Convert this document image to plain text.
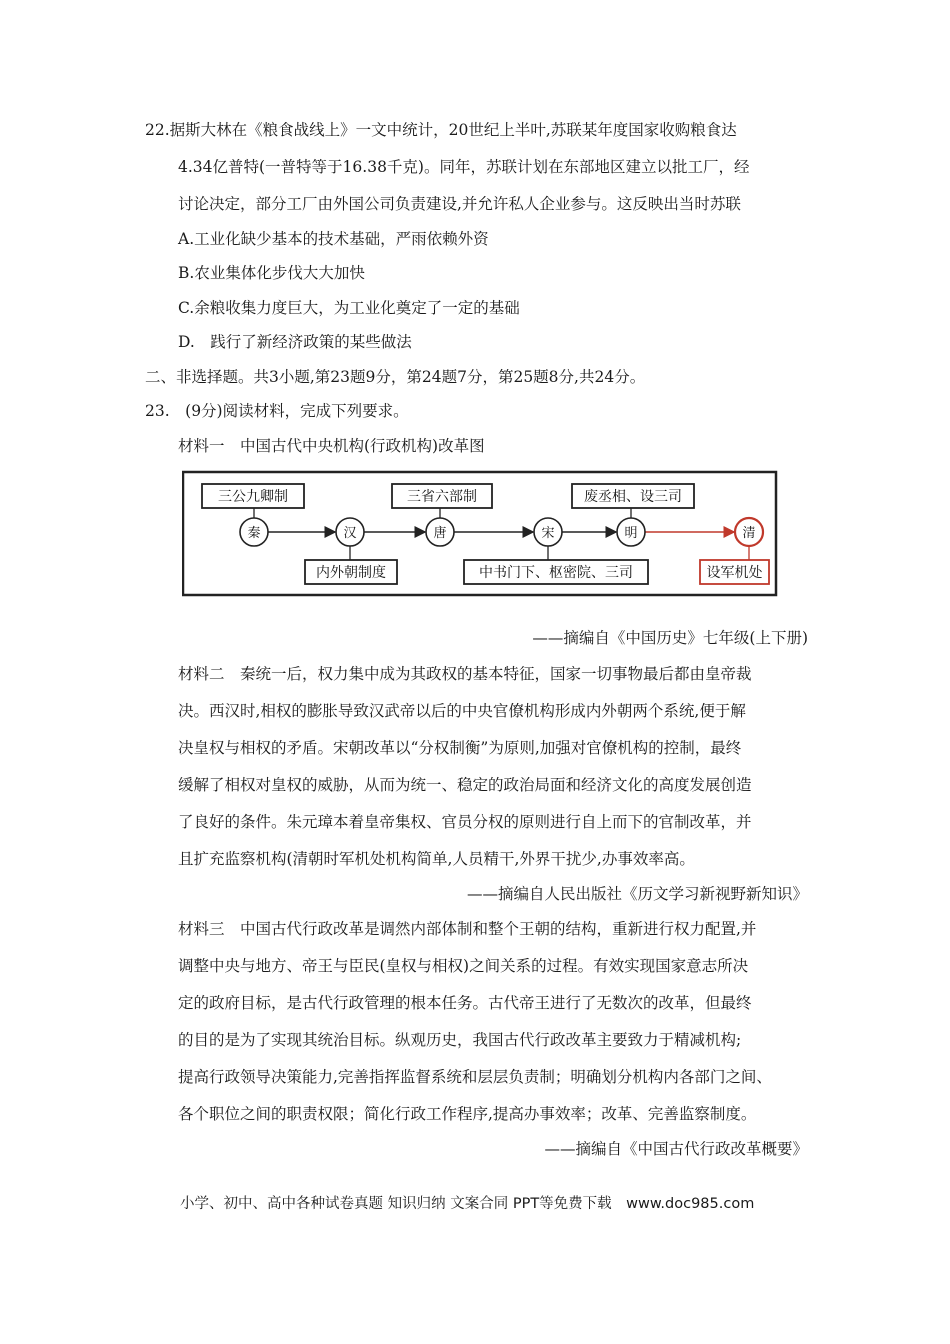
22.据斯大林在《粮食战线上》一文中统计，20世纪上半叶,苏联某年度国家收购粮食达
4.34亿普特(一普特等于16.38千克)。同年，苏联计划在东部地区建立以批工厂，经
讨论决定，部分工厂由外国公司负责建设,并允许私人企业参与。这反映出当时苏联
A.工业化缺少基本的技术基础，严雨依赖外资
B.农业集体化步伐大大加快
C.余粮收集力度巨大，为工业化奠定了一定的基础
D.　践行了新经济政策的某些做法
二、非选择题。共3小题,第23题9分，第24题7分，第25题8分,共24分。
23.　(9分)阅读材料，完成下列要求。
材料一　中国古代中央机构(行政机构)改革图
三公九卿制	三省六部制	废丞相、设三司
内外朝制度	中书门下、枢密院、三司	设军机处
秦	汉	唐	宋	明	清
——摘编自《中国历史》七年级(上下册)
材料二　秦统一后，权力集中成为其政权的基本特征，国家一切事物最后都由皇帝裁
决。西汉时,相权的膨胀导致汉武帝以后的中央官僚机构形成内外朝两个系统,便于解
决皇权与相权的矛盾。宋朝改革以“分权制衡”为原则,加强对官僚机构的控制，最终
缓解了相权对皇权的威胁，从而为统一、稳定的政治局面和经济文化的高度发展创造
了良好的条件。朱元璋本着皇帝集权、官员分权的原则进行自上而下的官制改革，并
且扩充监察机构(清朝时军机处机构简单,人员精干,外界干扰少,办事效率高。
——摘编自人民出版社《历文学习新视野新知识》
材料三　中国古代行政改革是调然内部体制和整个王朝的结构，重新进行权力配置,并
调整中央与地方、帝王与臣民(皇权与相权)之间关系的过程。有效实现国家意志所决
定的政府目标，是古代行政管理的根本任务。古代帝王进行了无数次的改革，但最终
的目的是为了实现其统治目标。纵观历史，我国古代行政改革主要致力于精减机构;
提高行政领导决策能力,完善指挥监督系统和层层负责制；明确划分机构内各部门之间、
各个职位之间的职责权限；简化行政工作程序,提高办事效率；改革、完善监察制度。
——摘编自《中国古代行政改革概要》
小学、初中、高中各种试卷真题 知识归纳 文案合同 PPT等免费下载　www.doc985.com
